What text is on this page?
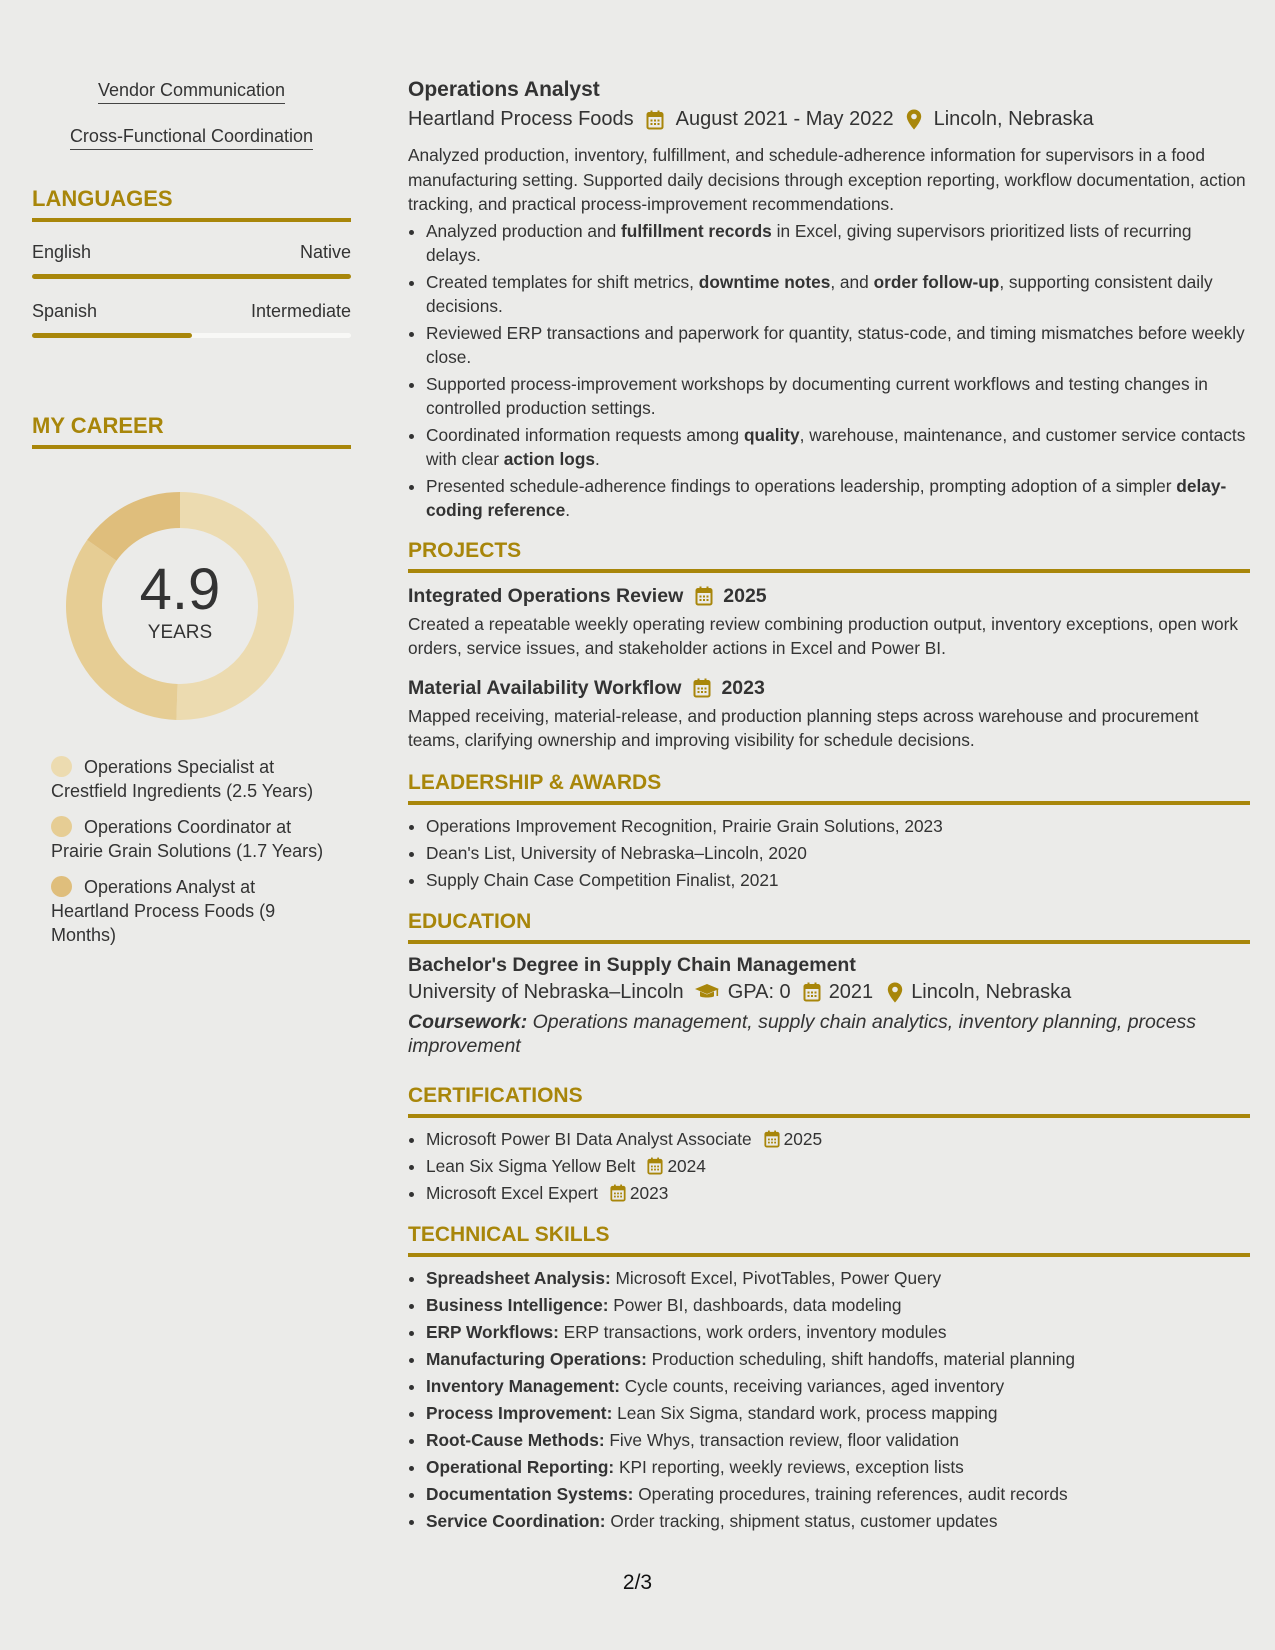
Vendor Communication
Cross-Functional Coordination
LANGUAGES
English	Native
Spanish	Intermediate
MY CAREER
4.9
YEARS
Operations Specialist at Crestfield Ingredients (2.5 Years)
Operations Coordinator at Prairie Grain Solutions (1.7 Years)
Operations Analyst at Heartland Process Foods (9 Months)
Operations Analyst
Heartland Process Foods August 2021 - May 2022 Lincoln, Nebraska

Analyzed production, inventory, fulfillment, and schedule-adherence information for supervisors in a food manufacturing setting. Supported daily decisions through exception reporting, workflow documentation, action tracking, and practical process-improvement recommendations.

• Analyzed production and fulfillment records in Excel, giving supervisors prioritized lists of recurring delays.
• Created templates for shift metrics, downtime notes, and order follow-up, supporting consistent daily decisions.
• Reviewed ERP transactions and paperwork for quantity, status-code, and timing mismatches before weekly close.
• Supported process-improvement workshops by documenting current workflows and testing changes in controlled production settings.
• Coordinated information requests among quality, warehouse, maintenance, and customer service contacts with clear action logs.
• Presented schedule-adherence findings to operations leadership, prompting adoption of a simpler delay-coding reference.
PROJECTS
Integrated Operations Review 2025

Created a repeatable weekly operating review combining production output, inventory exceptions, open work orders, service issues, and stakeholder actions in Excel and Power BI.

Material Availability Workflow 2023

Mapped receiving, material-release, and production planning steps across warehouse and procurement teams, clarifying ownership and improving visibility for schedule decisions.

LEADERSHIP & AWARDS
• Operations Improvement Recognition, Prairie Grain Solutions, 2023
• Dean's List, University of Nebraska–Lincoln, 2020
• Supply Chain Case Competition Finalist, 2021
EDUCATION
Bachelor's Degree in Supply Chain Management
University of Nebraska–Lincoln GPA: 0 2021 Lincoln, Nebraska
Coursework: Operations management, supply chain analytics, inventory planning, process improvement
CERTIFICATIONS
• Microsoft Power BI Data Analyst Associate 2025
• Lean Six Sigma Yellow Belt 2024
• Microsoft Excel Expert 2023
TECHNICAL SKILLS
• Spreadsheet Analysis: Microsoft Excel, PivotTables, Power Query
• Business Intelligence: Power BI, dashboards, data modeling
• ERP Workflows: ERP transactions, work orders, inventory modules
• Manufacturing Operations: Production scheduling, shift handoffs, material planning
• Inventory Management: Cycle counts, receiving variances, aged inventory
• Process Improvement: Lean Six Sigma, standard work, process mapping
• Root-Cause Methods: Five Whys, transaction review, floor validation
• Operational Reporting: KPI reporting, weekly reviews, exception lists
• Documentation Systems: Operating procedures, training references, audit records
• Service Coordination: Order tracking, shipment status, customer updates
2/3
